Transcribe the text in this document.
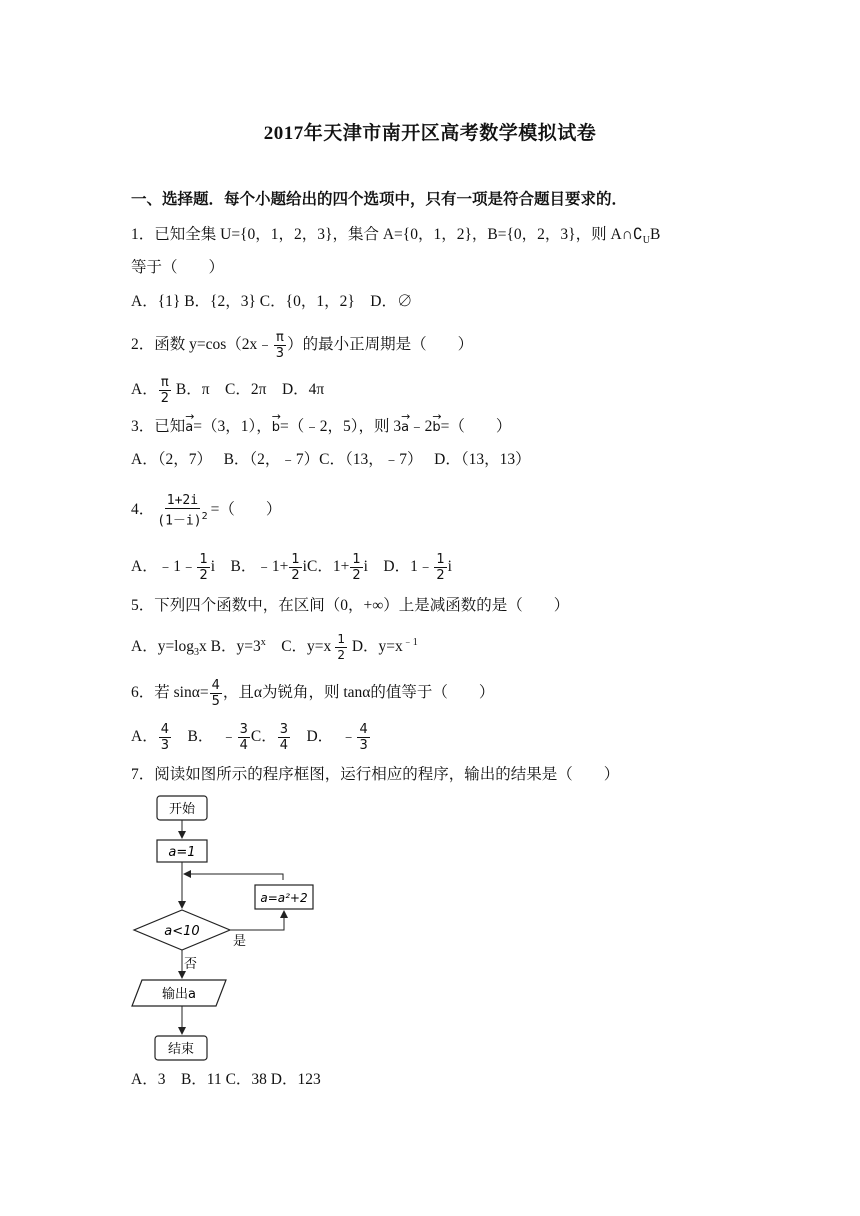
2017年天津市南开区高考数学模拟试卷
一、选择题．每个小题给出的四个选项中，只有一项是符合题目要求的．
1．已知全集 U={0，1，2，3}，集合 A={0，1，2}，B={0，2，3}，则 $A\cap∁_UB$
等于（　　）
A．{1} B．{2，3} C．{0，1，2}　D．∅
2．函数 y=cos（2x﹣ $\frac{\pi}{3}$ ）的最小正周期是（　　）
A． $\frac{\pi}{2}$ B．π　C．2π　D．4π
3．已知→ a=（3，1），→ b=（﹣2，5），则 3→ a﹣2→ b=（　　）
A．（2，7）　 B．（2，﹣7）C．（13，﹣7）　 D．（13，13）
4． $\frac{1+2i}{(1-i)^2}$ =（　　）
A．﹣1﹣ $\frac{1}{2}$ i　B．﹣1+ $\frac{1}{2}$ iC．$1+ \frac{1}{2}$ i　D．1﹣ $\frac{1}{2}$ i
5．下列四个函数中，在区间（0，+∞）上是减函数的是（　　）
A．$y=\log_3x$ B．$y=3^x$　C．$y=x \frac{1}{2}$ D．$y=x^{﹣1}$
6．若 $\sin\alpha= \frac{4}{5}$ ，且α为锐角，则 tanα的值等于（　　）
A． $\frac{4}{3}$ 　B．　﹣ $\frac{3}{4}$ C． $\frac{3}{4}$ 　D．　﹣ $\frac{4}{3}$
7．阅读如图所示的程序框图，运行相应的程序，输出的结果是（　　）
开始
a=1
a=a²+2
a<10
是
否
输出a
结束
A．3　B．11 C．38 D．123
